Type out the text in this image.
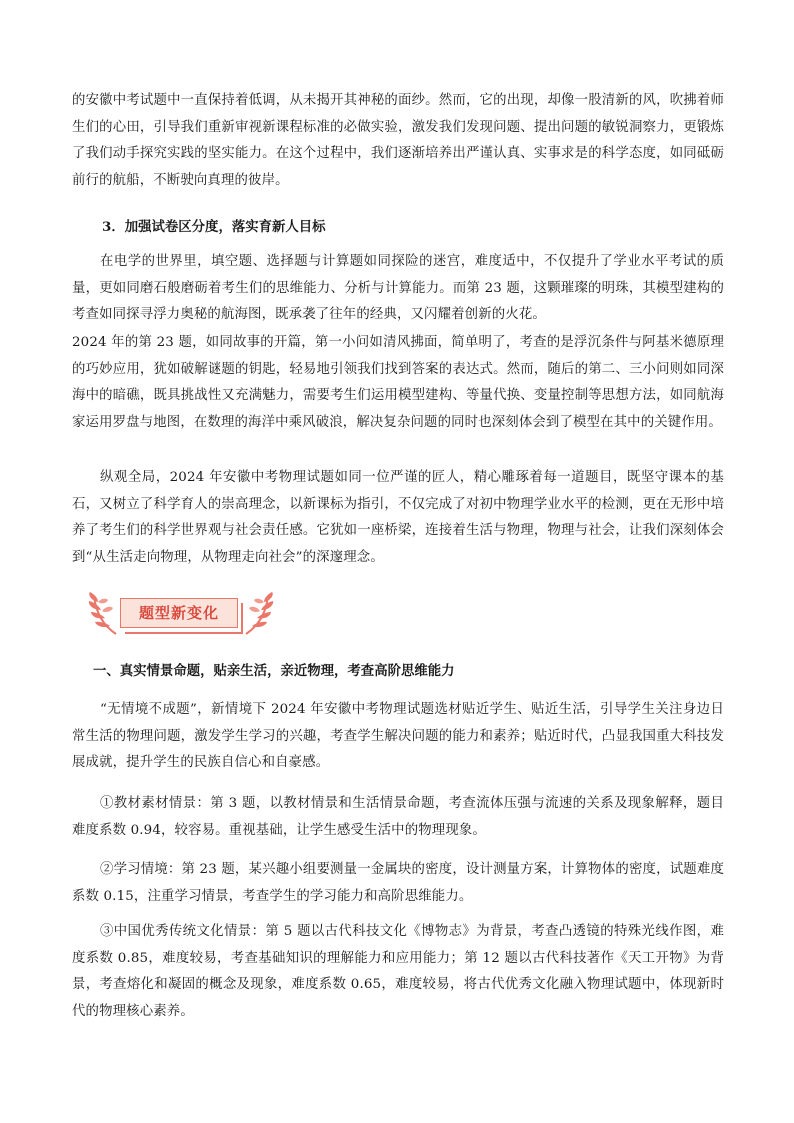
的安徽中考试题中一直保持着低调，从未揭开其神秘的面纱。然而，它的出现，却像一股清新的风，吹拂着师生们的心田，引导我们重新审视新课程标准的必做实验，激发我们发现问题、提出问题的敏锐洞察力，更锻炼了我们动手探究实践的坚实能力。在这个过程中，我们逐渐培养出严谨认真、实事求是的科学态度，如同砥砺前行的航船，不断驶向真理的彼岸。

3．加强试卷区分度，落实育新人目标

在电学的世界里，填空题、选择题与计算题如同探险的迷宫，难度适中，不仅提升了学业水平考试的质量，更如同磨石般磨砺着考生们的思维能力、分析与计算能力。而第 23 题，这颗璀璨的明珠，其模型建构的考查如同探寻浮力奥秘的航海图，既承袭了往年的经典，又闪耀着创新的火花。

2024 年的第 23 题，如同故事的开篇，第一小问如清风拂面，简单明了，考查的是浮沉条件与阿基米德原理的巧妙应用，犹如破解谜题的钥匙，轻易地引领我们找到答案的表达式。然而，随后的第二、三小问则如同深海中的暗礁，既具挑战性又充满魅力，需要考生们运用模型建构、等量代换、变量控制等思想方法，如同航海家运用罗盘与地图，在数理的海洋中乘风破浪，解决复杂问题的同时也深刻体会到了模型在其中的关键作用。

纵观全局，2024 年安徽中考物理试题如同一位严谨的匠人，精心雕琢着每一道题目，既坚守课本的基石，又树立了科学育人的崇高理念，以新课标为指引，不仅完成了对初中物理学业水平的检测，更在无形中培养了考生们的科学世界观与社会责任感。它犹如一座桥梁，连接着生活与物理，物理与社会，让我们深刻体会到“从生活走向物理，从物理走向社会”的深邃理念。

题型新变化

一、真实情景命题，贴亲生活，亲近物理，考查高阶思维能力

“无情境不成题”，新情境下 2024 年安徽中考物理试题选材贴近学生、贴近生活，引导学生关注身边日常生活的物理问题，激发学生学习的兴趣，考查学生解决问题的能力和素养；贴近时代，凸显我国重大科技发展成就，提升学生的民族自信心和自豪感。

①教材素材情景：第 3 题，以教材情景和生活情景命题，考查流体压强与流速的关系及现象解释，题目难度系数 0.94，较容易。重视基础，让学生感受生活中的物理现象。

②学习情境：第 23 题，某兴趣小组要测量一金属块的密度，设计测量方案，计算物体的密度，试题难度系数 0.15，注重学习情景，考查学生的学习能力和高阶思维能力。

③中国优秀传统文化情景：第 5 题以古代科技文化《博物志》为背景，考查凸透镜的特殊光线作图，难度系数 0.85，难度较易，考查基础知识的理解能力和应用能力；第 12 题以古代科技著作《天工开物》为背景，考查熔化和凝固的概念及现象，难度系数 0.65，难度较易，将古代优秀文化融入物理试题中，体现新时代的物理核心素养。
